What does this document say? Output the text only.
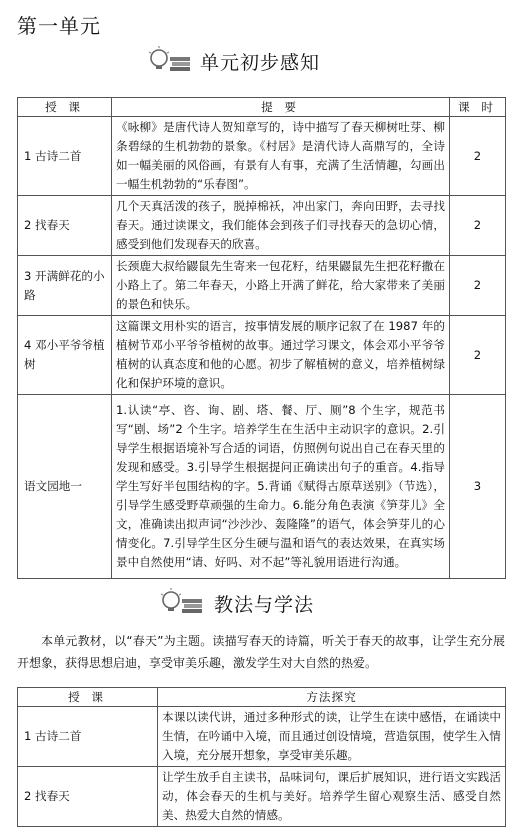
第一单元
单元初步感知
授 课	提 要	课 时
1 古诗二首	《咏柳》是唐代诗人贺知章写的，诗中描写了春天柳树吐芽、柳条碧绿的生机勃勃的景象。《村居》是清代诗人高鼎写的，全诗如一幅美丽的风俗画，有景有人有事，充满了生活情趣，勾画出一幅生机勃勃的“乐春图”。	2
2 找春天	几个天真活泼的孩子，脱掉棉袄，冲出家门，奔向田野，去寻找春天。通过读课文，我们能体会到孩子们寻找春天的急切心情，感受到他们发现春天的欣喜。	2
3 开满鲜花的小路	长颈鹿大叔给鼹鼠先生寄来一包花籽，结果鼹鼠先生把花籽撒在小路上了。第二年春天，小路上开满了鲜花，给大家带来了美丽的景色和快乐。	2
4 邓小平爷爷植树	这篇课文用朴实的语言，按事情发展的顺序记叙了在 1987 年的植树节邓小平爷爷植树的故事。通过学习课文，体会邓小平爷爷植树的认真态度和他的心愿。初步了解植树的意义，培养植树绿化和保护环境的意识。	2
语文园地一	1.认读“亭、咨、询、剧、塔、餐、厅、厕”8 个生字，规范书写“剧、场”2 个生字。培养学生在生活中主动识字的意识。2.引导学生根据语境补写合适的词语，仿照例句说出自己在春天里的发现和感受。3.引导学生根据提问正确读出句子的重音。4.指导学生写好半包围结构的字。5.背诵《赋得古原草送别》（节选），引导学生感受野草顽强的生命力。6.能分角色表演《笋芽儿》全文，准确读出拟声词“沙沙沙、轰隆隆”的语气，体会笋芽儿的心情变化。7.引导学生区分生硬与温和语气的表达效果，在真实场景中自然使用“请、好吗、对不起”等礼貌用语进行沟通。	3
教法与学法
本单元教材，以“春天”为主题。读描写春天的诗篇，听关于春天的故事，让学生充分展开想象，获得思想启迪，享受审美乐趣，激发学生对大自然的热爱。
授 课	方法探究
1 古诗二首	本课以读代讲，通过多种形式的读，让学生在读中感悟，在诵读中生情，在吟诵中入境，而且通过创设情境，营造氛围，使学生入情入境，充分展开想象，享受审美乐趣。
2 找春天	让学生放手自主读书，品味词句，课后扩展知识，进行语文实践活动，体会春天的生机与美好。培养学生留心观察生活、感受自然美、热爱大自然的情感。
